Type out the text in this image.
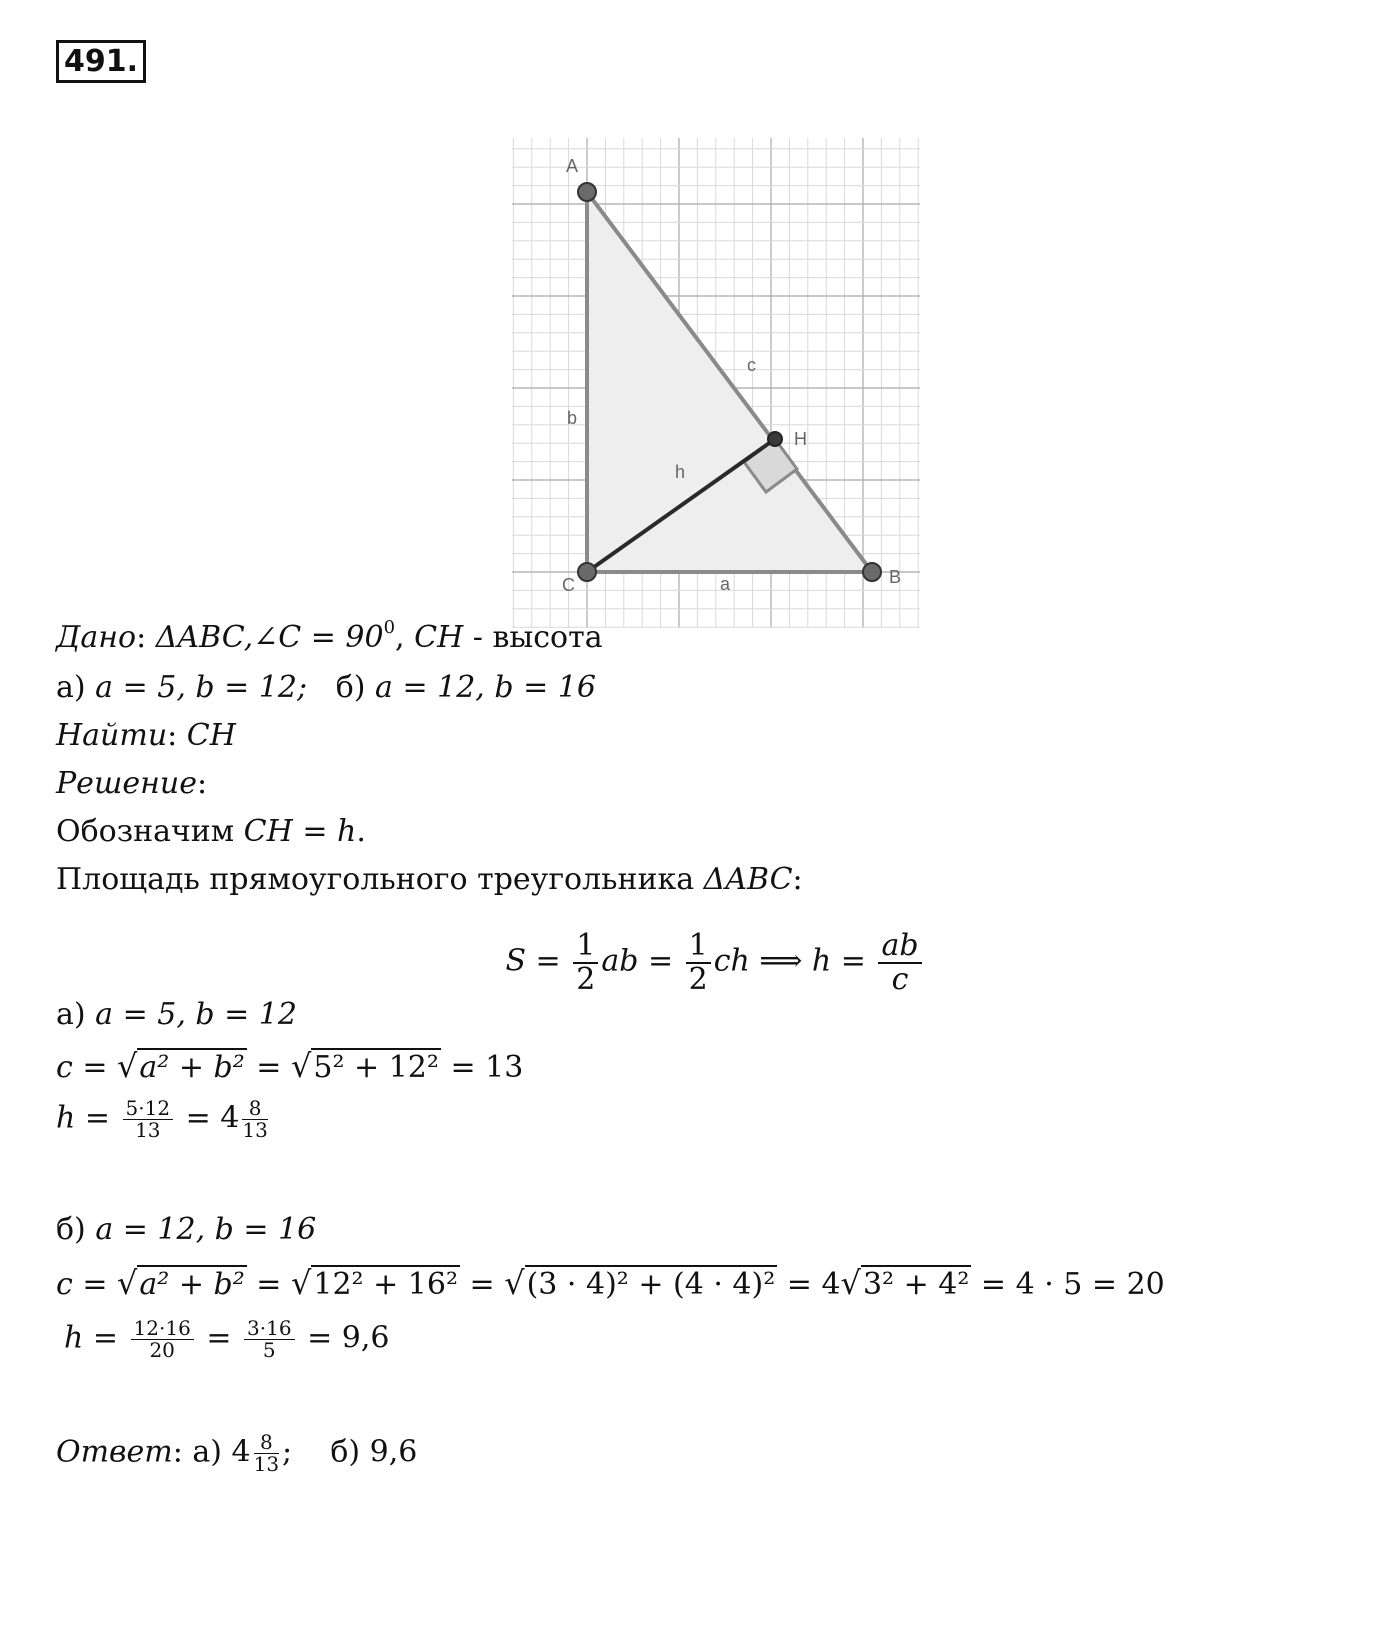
491.
A
B
C
H
a
b
c
h
Дано: ΔABC,∠C = $90^0$, CH - высота
а) a = 5, b = 12; б) a = 12, b = 16
Найти: CH
Решение:
Обозначим CH = h.
Площадь прямоугольного треугольника ΔABC:
$S = \frac{1}{2}$ ab = $\frac{1}{2}$ ch ⟹ $h = \frac{ab}{c}$
а) a = 5, b = 12
c = √a² + b² = √5² + 12² = 13
$h = \frac{5\cdot 12}{13} = 4 \frac{8}{13}$
б) a = 12, b = 16
c = √a² + b² = √12² + 16² = √(3 · 4)² + (4 · 4)² = 4√3² + 4² = 4 · 5 = 20
$h = \frac{12\cdot 16}{20} = \frac{3\cdot 16}{5} = 9,6$
Ответ: а) $4 \frac{8}{13}$ ; б) 9,6
